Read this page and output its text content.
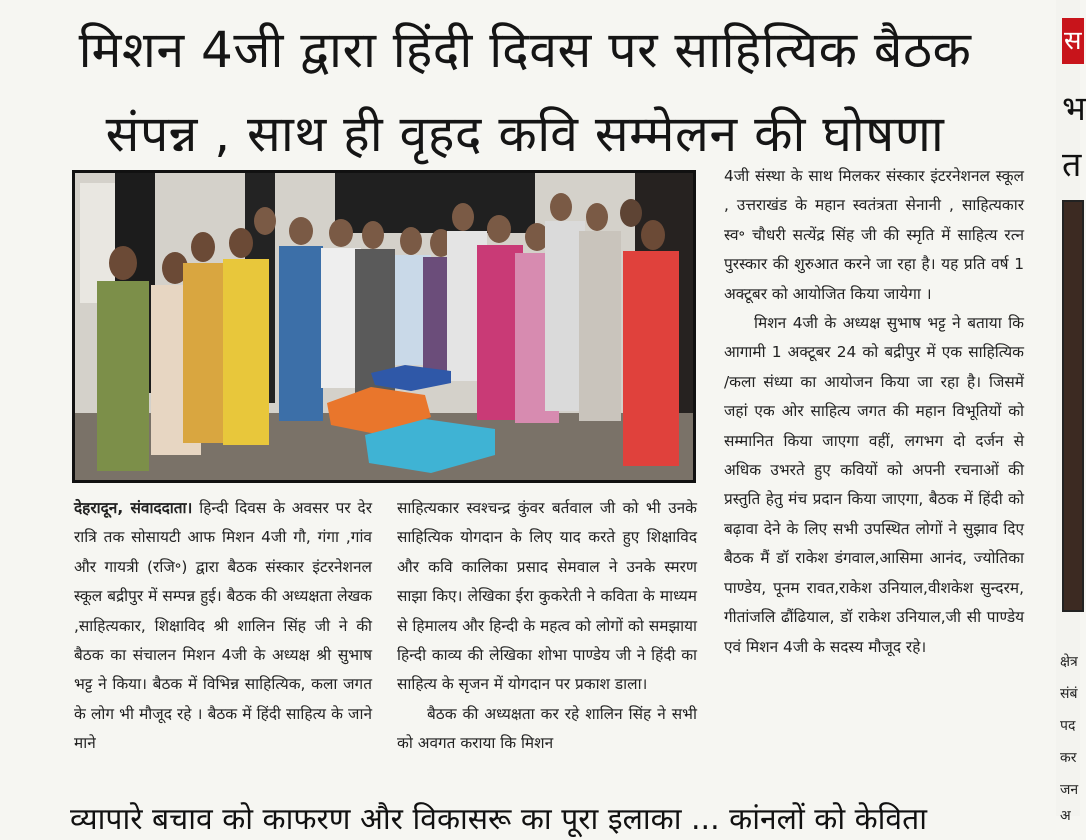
मिशन 4जी द्वारा हिंदी दिवस पर साहित्यिक बैठक
संपन्न , साथ ही वृहद कवि सम्मेलन की घोषणा

देहरादून, संवाददाता। हिन्दी दिवस के अवसर पर देर रात्रि तक सोसायटी आफ मिशन 4जी गौ, गंगा ,गांव और गायत्री (रजि॰) द्वारा बैठक संस्कार इंटरनेशनल स्कूल बद्रीपुर में सम्पन्न हुई। बैठक की अध्यक्षता लेखक ,साहित्यकार, शिक्षाविद श्री शालिन सिंह जी ने की बैठक का संचालन मिशन 4जी के अध्यक्ष श्री सुभाष भट्ट ने किया। बैठक में विभिन्न साहित्यिक, कला जगत के लोग भी मौजूद रहे । बैठक में हिंदी साहित्य के जाने माने

साहित्यकार स्वश्चन्द्र कुंवर बर्तवाल जी को भी उनके साहित्यिक योगदान के लिए याद करते हुए शिक्षाविद और कवि कालिका प्रसाद सेमवाल ने उनके स्मरण साझा किए। लेखिका ईरा कुकरेती ने कविता के माध्यम से हिमालय और हिन्दी के महत्व को लोगों को समझाया हिन्दी काव्य की लेखिका शोभा पाण्डेय जी ने हिंदी का साहित्य के सृजन में योगदान पर प्रकाश डाला।

बैठक की अध्यक्षता कर रहे शालिन सिंह ने सभी को अवगत कराया कि मिशन

4जी संस्था के साथ मिलकर संस्कार इंटरनेशनल स्कूल , उत्तराखंड के महान स्वतंत्रता सेनानी , साहित्यकार स्व॰ चौधरी सत्येंद्र सिंह जी की स्मृति में साहित्य रत्न पुरस्कार की शुरुआत करने जा रहा है। यह प्रति वर्ष 1 अक्टूबर को आयोजित किया जायेगा ।

मिशन 4जी के अध्यक्ष सुभाष भट्ट ने बताया कि आगामी 1 अक्टूबर 24 को बद्रीपुर में एक साहित्यिक /कला संध्या का आयोजन किया जा रहा है। जिसमें जहां एक ओर साहित्य जगत की महान विभूतियों को सम्मानित किया जाएगा वहीं, लगभग दो दर्जन से अधिक उभरते हुए कवियों को अपनी रचनाओं की प्रस्तुति हेतु मंच प्रदान किया जाएगा, बैठक में हिंदी को बढ़ावा देने के लिए सभी उपस्थित लोगों ने सुझाव दिए बैठक मैं डॉ राकेश डंगवाल,आसिमा आनंद, ज्योतिका पाण्डेय, पूनम रावत,राकेश उनियाल,वीशकेश सुन्दरम, गीतांजलि ढौंढियाल, डॉ राकेश उनियाल,जी सी पाण्डेय एवं मिशन 4जी के सदस्य मौजूद रहे।

स
भ
त
क्षेत्र
संबं
पद
कर
जन
अ
व्यापारे बचाव को काफरण और विकासरू का पूरा इलाका ... कांनलों को केविता
